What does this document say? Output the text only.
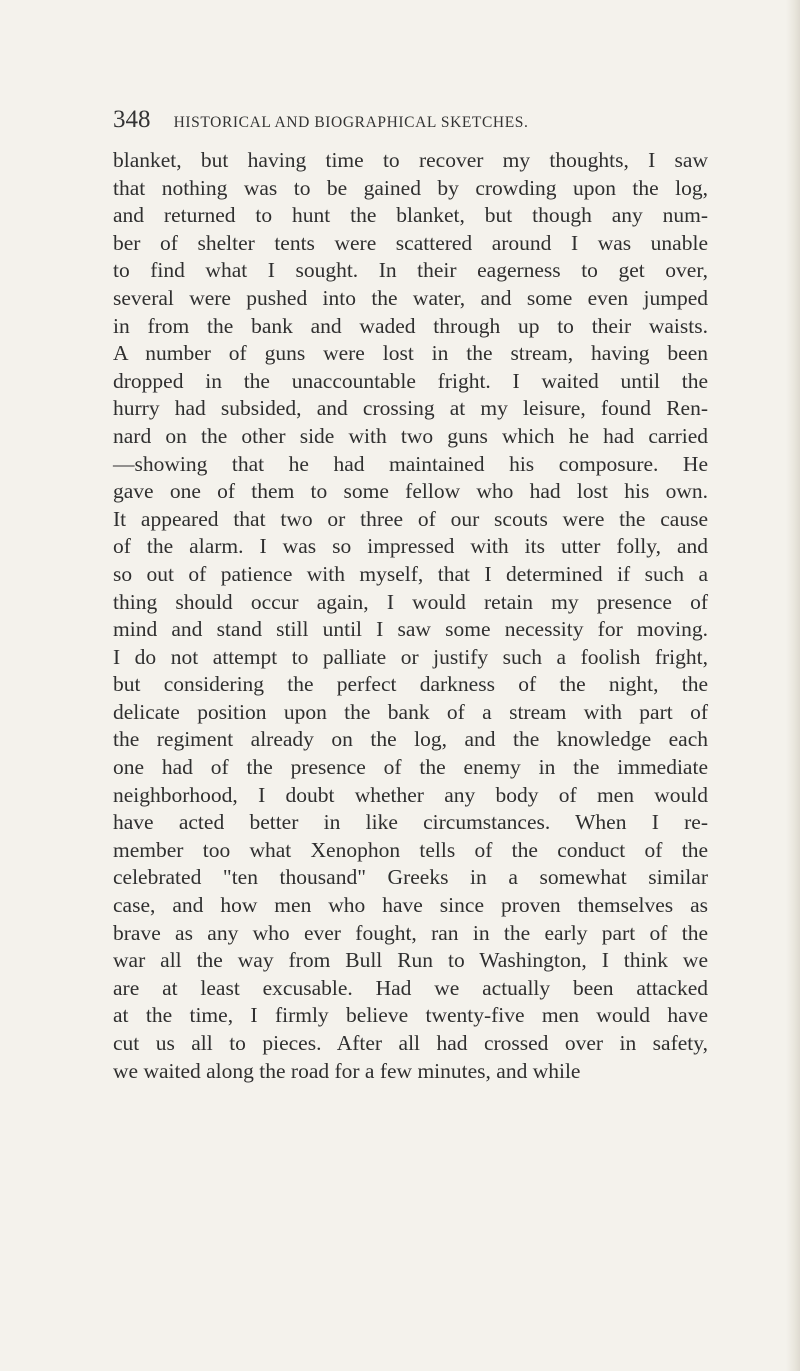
348 HISTORICAL AND BIOGRAPHICAL SKETCHES.
blanket, but having time to recover my thoughts, I saw
that nothing was to be gained by crowding upon the log,
and returned to hunt the blanket, but though any num-
ber of shelter tents were scattered around I was unable
to find what I sought. In their eagerness to get over,
several were pushed into the water, and some even jumped
in from the bank and waded through up to their waists.
A number of guns were lost in the stream, having been
dropped in the unaccountable fright. I waited until the
hurry had subsided, and crossing at my leisure, found Ren-
nard on the other side with two guns which he had carried
—showing that he had maintained his composure. He
gave one of them to some fellow who had lost his own.
It appeared that two or three of our scouts were the cause
of the alarm. I was so impressed with its utter folly, and
so out of patience with myself, that I determined if such a
thing should occur again, I would retain my presence of
mind and stand still until I saw some necessity for moving.
I do not attempt to palliate or justify such a foolish fright,
but considering the perfect darkness of the night, the
delicate position upon the bank of a stream with part of
the regiment already on the log, and the knowledge each
one had of the presence of the enemy in the immediate
neighborhood, I doubt whether any body of men would
have acted better in like circumstances. When I re-
member too what Xenophon tells of the conduct of the
celebrated "ten thousand" Greeks in a somewhat similar
case, and how men who have since proven themselves as
brave as any who ever fought, ran in the early part of the
war all the way from Bull Run to Washington, I think we
are at least excusable. Had we actually been attacked
at the time, I firmly believe twenty-five men would have
cut us all to pieces. After all had crossed over in safety,
we waited along the road for a few minutes, and while
